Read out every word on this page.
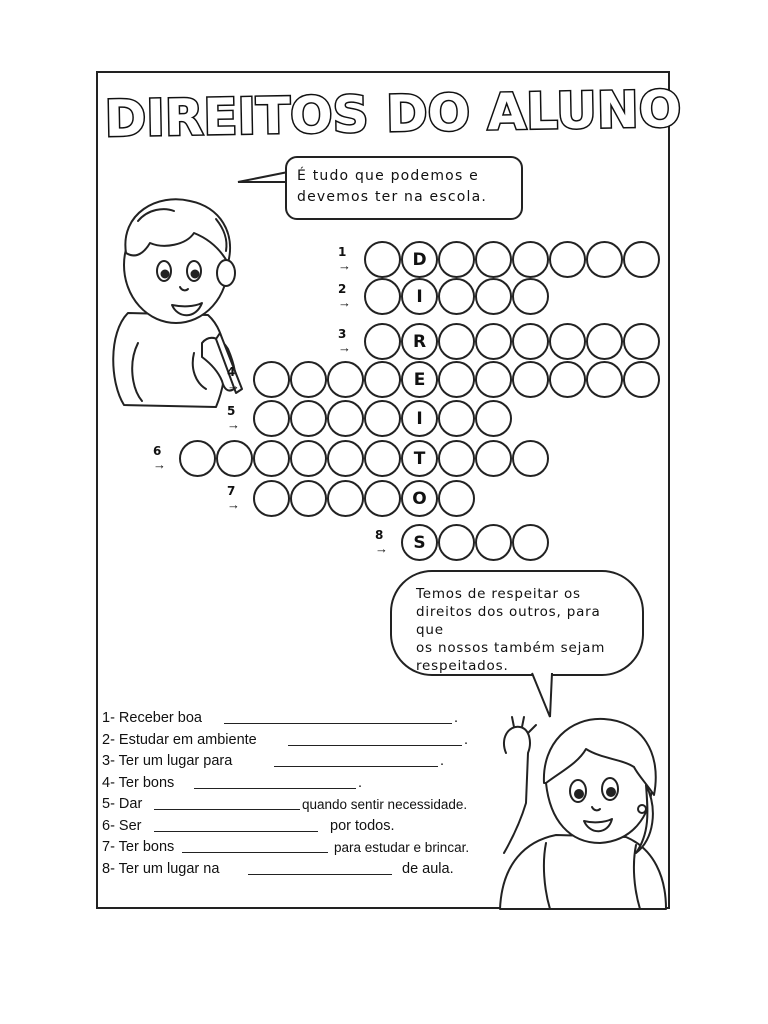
DIREITOS DO ALUNO

É tudo que podemos e

devemos ter na escola.

1
→	D
2
→	I
3
→	R
4
→	E
5
→	I
6
→	T
7
→	O
8
→	S

Temos de respeitar os

direitos dos outros, para que

os nossos também sejam

respeitados.

1- Receber boa	.
2- Estudar em ambiente	.
3- Ter um lugar para	.
4- Ter bons	.
5- Dar	quando sentir necessidade.
6- Ser	por todos.
7- Ter bons	para estudar e brincar.
8- Ter um lugar na	de aula.
